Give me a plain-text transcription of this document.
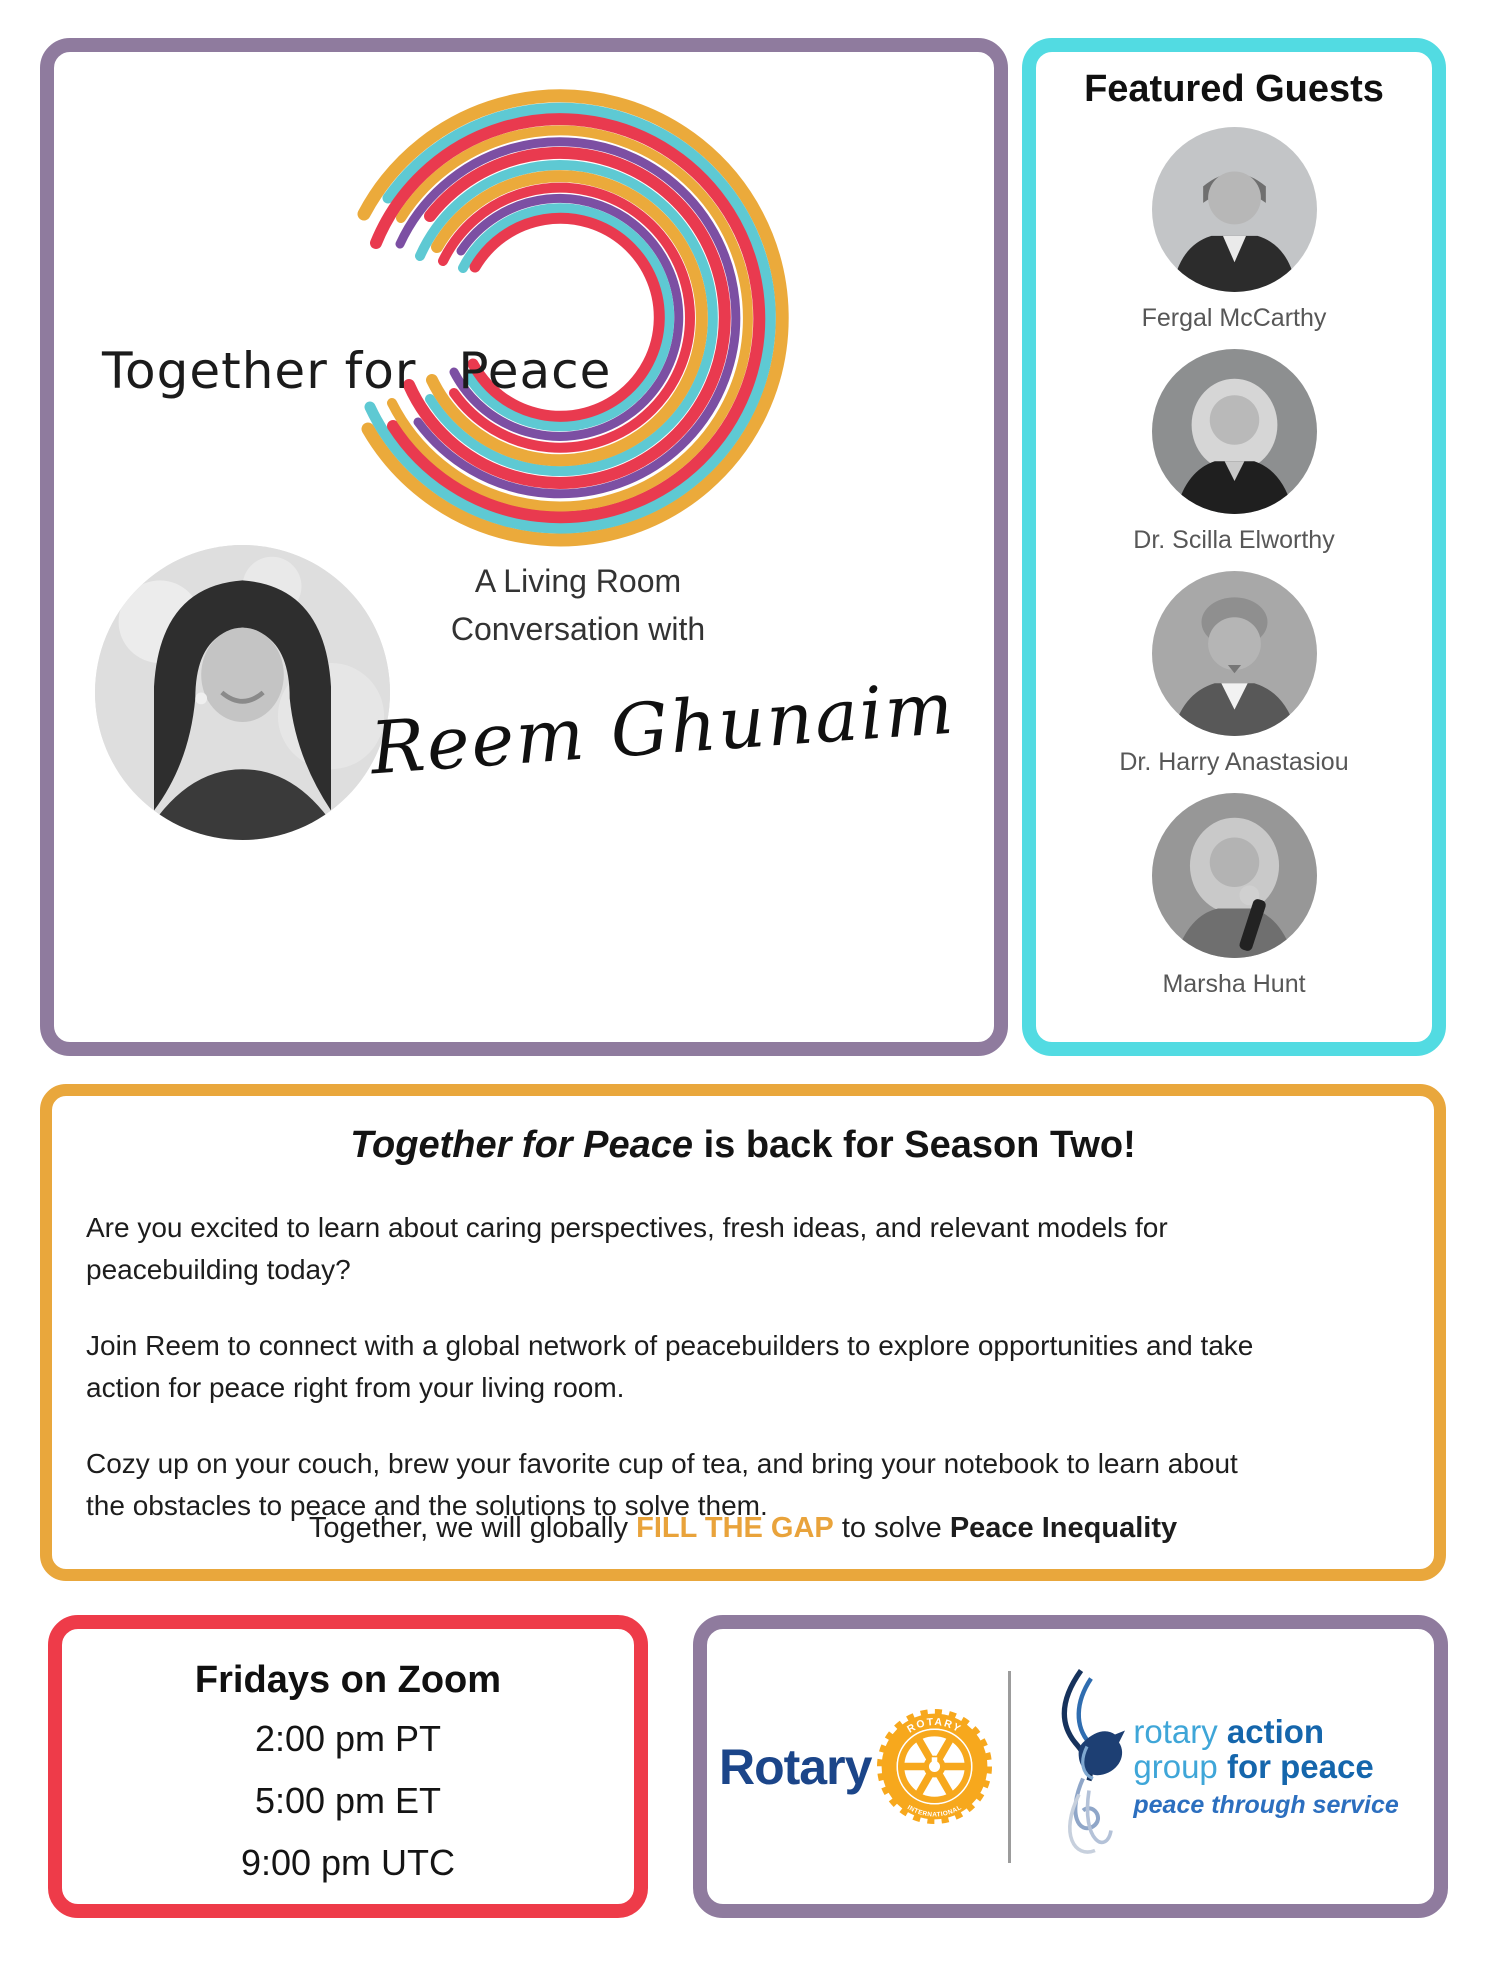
Together for Peace
A Living Room
Conversation with
Reem Ghunaim
Featured Guests
Fergal McCarthy
Dr. Scilla Elworthy
Dr. Harry Anastasiou
Marsha Hunt
Together for Peace is back for Season Two!

Are you excited to learn about caring perspectives, fresh ideas, and relevant models for peacebuilding today?

Join Reem to connect with a global network of peacebuilders to explore opportunities and take action for peace right from your living room.

Cozy up on your couch, brew your favorite cup of tea, and bring your notebook to learn about the obstacles to peace and the solutions to solve them.

Together, we will globally FILL THE GAP to solve Peace Inequality
Fridays on Zoom
2:00 pm PT
5:00 pm ET
9:00 pm UTC
Rotary
ROTARY
INTERNATIONAL
rotary action
group for peace
peace through service
